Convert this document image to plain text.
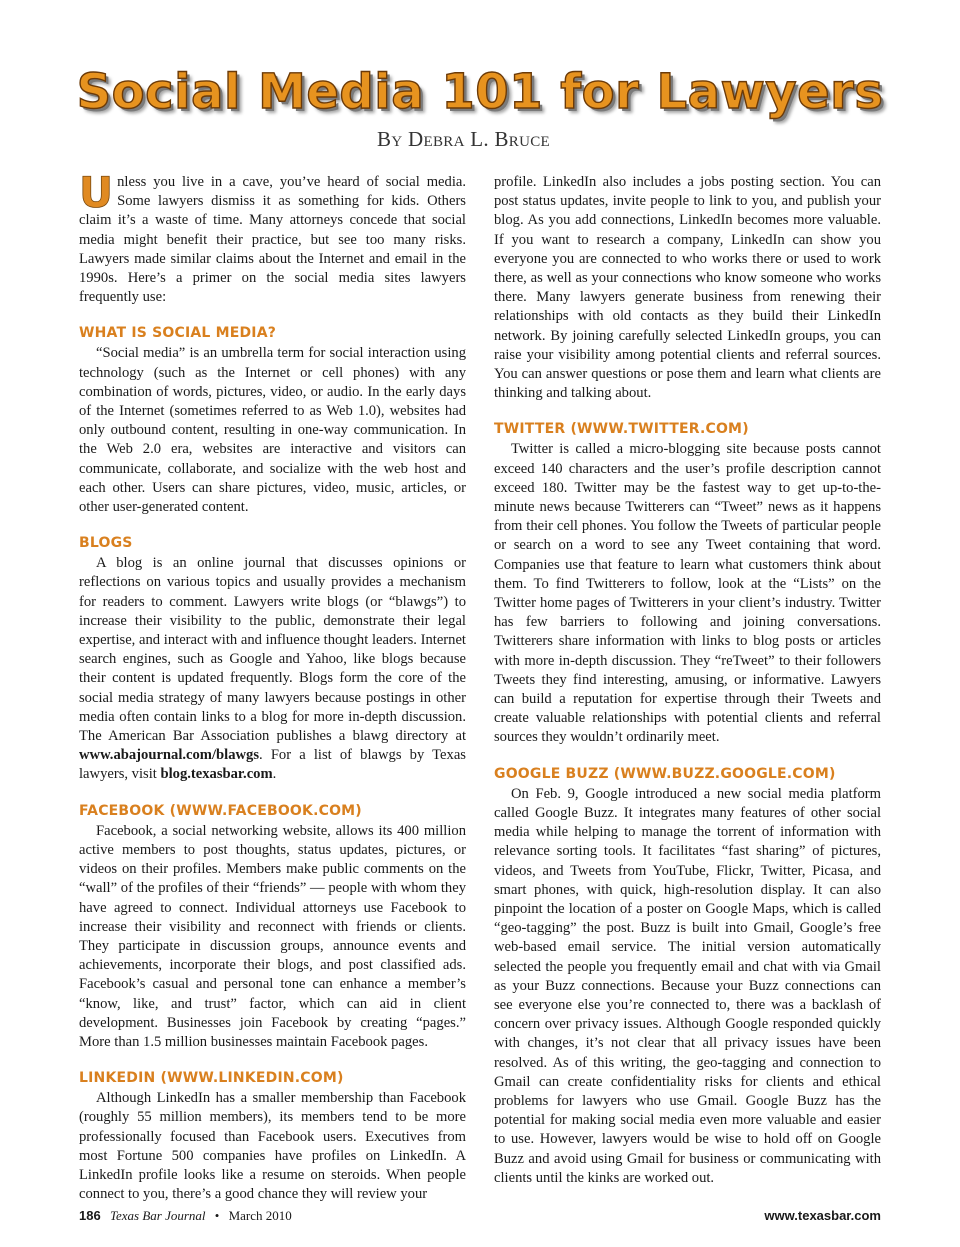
Social Media 101 for Lawyers
By Debra L. Bruce

Unless you live in a cave, you’ve heard of social media. Some lawyers dismiss it as something for kids. Others claim it’s a waste of time. Many attorneys concede that social media might benefit their practice, but see too many risks. Lawyers made similar claims about the Internet and email in the 1990s. Here’s a primer on the social media sites lawyers frequently use:

WHAT IS SOCIAL MEDIA?

“Social media” is an umbrella term for social interaction using technology (such as the Internet or cell phones) with any combination of words, pictures, video, or audio. In the early days of the Internet (sometimes referred to as Web 1.0), websites had only outbound content, resulting in one-way communication. In the Web 2.0 era, websites are interactive and visitors can communicate, collaborate, and socialize with the web host and each other. Users can share pictures, video, music, articles, or other user-generated content.

BLOGS

A blog is an online journal that discusses opinions or reflections on various topics and usually provides a mechanism for readers to comment. Lawyers write blogs (or “blawgs”) to increase their visibility to the public, demonstrate their legal expertise, and interact with and influence thought leaders. Internet search engines, such as Google and Yahoo, like blogs because their content is updated frequently. Blogs form the core of the social media strategy of many lawyers because postings in other media often contain links to a blog for more in-depth discussion. The American Bar Association publishes a blawg directory at www.abajournal.com/blawgs. For a list of blawgs by Texas lawyers, visit blog.texasbar.com.

FACEBOOK (WWW.FACEBOOK.COM)

Facebook, a social networking website, allows its 400 million active members to post thoughts, status updates, pictures, or videos on their profiles. Members make public comments on the “wall” of the profiles of their “friends” — people with whom they have agreed to connect. Individual attorneys use Facebook to increase their visibility and reconnect with friends or clients. They participate in discussion groups, announce events and achievements, incorporate their blogs, and post classified ads. Facebook’s casual and personal tone can enhance a member’s “know, like, and trust” factor, which can aid in client development. Businesses join Facebook by creating “pages.” More than 1.5 million businesses maintain Facebook pages.

LINKEDIN (WWW.LINKEDIN.COM)

Although LinkedIn has a smaller membership than Facebook (roughly 55 million members), its members tend to be more professionally focused than Facebook users. Executives from most Fortune 500 companies have profiles on LinkedIn. A LinkedIn profile looks like a resume on steroids. When people connect to you, there’s a good chance they will review your

profile. LinkedIn also includes a jobs posting section. You can post status updates, invite people to link to you, and publish your blog. As you add connections, LinkedIn becomes more valuable. If you want to research a company, LinkedIn can show you everyone you are connected to who works there or used to work there, as well as your connections who know someone who works there. Many lawyers generate business from renewing their relationships with old contacts as they build their LinkedIn network. By joining carefully selected LinkedIn groups, you can raise your visibility among potential clients and referral sources. You can answer questions or pose them and learn what clients are thinking and talking about.

TWITTER (WWW.TWITTER.COM)

Twitter is called a micro-blogging site because posts cannot exceed 140 characters and the user’s profile description cannot exceed 180. Twitter may be the fastest way to get up-to-the-minute news because Twitterers can “Tweet” news as it happens from their cell phones. You follow the Tweets of particular people or search on a word to see any Tweet containing that word. Companies use that feature to learn what customers think about them. To find Twitterers to follow, look at the “Lists” on the Twitter home pages of Twitterers in your client’s industry. Twitter has few barriers to following and joining conversations. Twitterers share information with links to blog posts or articles with more in-depth discussion. They “reTweet” to their followers Tweets they find interesting, amusing, or informative. Lawyers can build a reputation for expertise through their Tweets and create valuable relationships with potential clients and referral sources they wouldn’t ordinarily meet.

GOOGLE BUZZ (WWW.BUZZ.GOOGLE.COM)

On Feb. 9, Google introduced a new social media platform called Google Buzz. It integrates many features of other social media while helping to manage the torrent of information with relevance sorting tools. It facilitates “fast sharing” of pictures, videos, and Tweets from YouTube, Flickr, Twitter, Picasa, and smart phones, with quick, high-resolution display. It can also pinpoint the location of a poster on Google Maps, which is called “geo-tagging” the post. Buzz is built into Gmail, Google’s free web-based email service. The initial version automatically selected the people you frequently email and chat with via Gmail as your Buzz connections. Because your Buzz connections can see everyone else you’re connected to, there was a backlash of concern over privacy issues. Although Google responded quickly with changes, it’s not clear that all privacy issues have been resolved. As of this writing, the geo-tagging and connection to Gmail can create confidentiality risks for clients and ethical problems for lawyers who use Gmail. Google Buzz has the potential for making social media even more valuable and easier to use. However, lawyers would be wise to hold off on Google Buzz and avoid using Gmail for business or communicating with clients until the kinks are worked out.

186 Texas Bar Journal • March 2010	www.texasbar.com
